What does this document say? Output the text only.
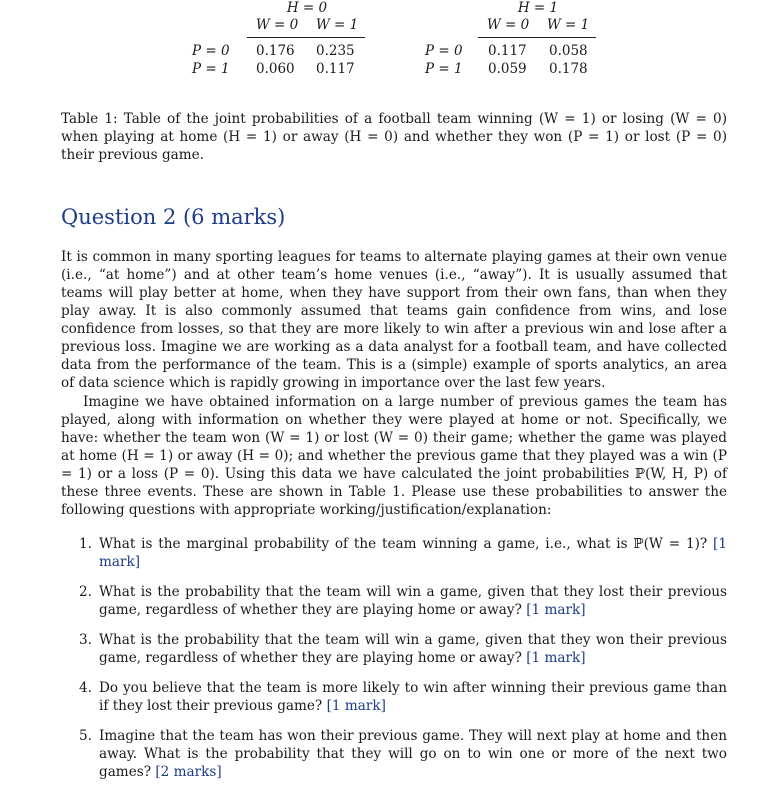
H = 0
W = 0	W = 1
P = 0 0.176 0.235
P = 1 0.060 0.117
H = 1
W = 0	W = 1
P = 0 0.117 0.058
P = 1 0.059 0.178
Table 1: Table of the joint probabilities of a football team winning (W = 1) or losing (W = 0) when playing at home (H = 1) or away (H = 0) and whether they won (P = 1) or lost (P = 0) their previous game.
Question 2 (6 marks)
It is common in many sporting leagues for teams to alternate playing games at their own venue (i.e., “at home”) and at other team’s home venues (i.e., “away”). It is usually assumed that teams will play better at home, when they have support from their own fans, than when they play away. It is also commonly assumed that teams gain confidence from wins, and lose confidence from losses, so that they are more likely to win after a previous win and lose after a previous loss. Imagine we are working as a data analyst for a football team, and have collected data from the performance of the team. This is a (simple) example of sports analytics, an area of data science which is rapidly growing in importance over the last few years.
Imagine we have obtained information on a large number of previous games the team has played, along with information on whether they were played at home or not. Specifically, we have: whether the team won (W = 1) or lost (W = 0) their game; whether the game was played at home (H = 1) or away (H = 0); and whether the previous game that they played was a win (P = 1) or a loss (P = 0). Using this data we have calculated the joint probabilities ℙ(W, H, P) of these three events. These are shown in Table 1. Please use these probabilities to answer the following questions with appropriate working/justification/explanation:
1. What is the marginal probability of the team winning a game, i.e., what is ℙ(W = 1)? [1 mark]
2. What is the probability that the team will win a game, given that they lost their previous game, regardless of whether they are playing home or away? [1 mark]
3. What is the probability that the team will win a game, given that they won their previous game, regardless of whether they are playing home or away? [1 mark]
4. Do you believe that the team is more likely to win after winning their previous game than if they lost their previous game? [1 mark]
5. Imagine that the team has won their previous game. They will next play at home and then away. What is the probability that they will go on to win one or more of the next two games? [2 marks]
